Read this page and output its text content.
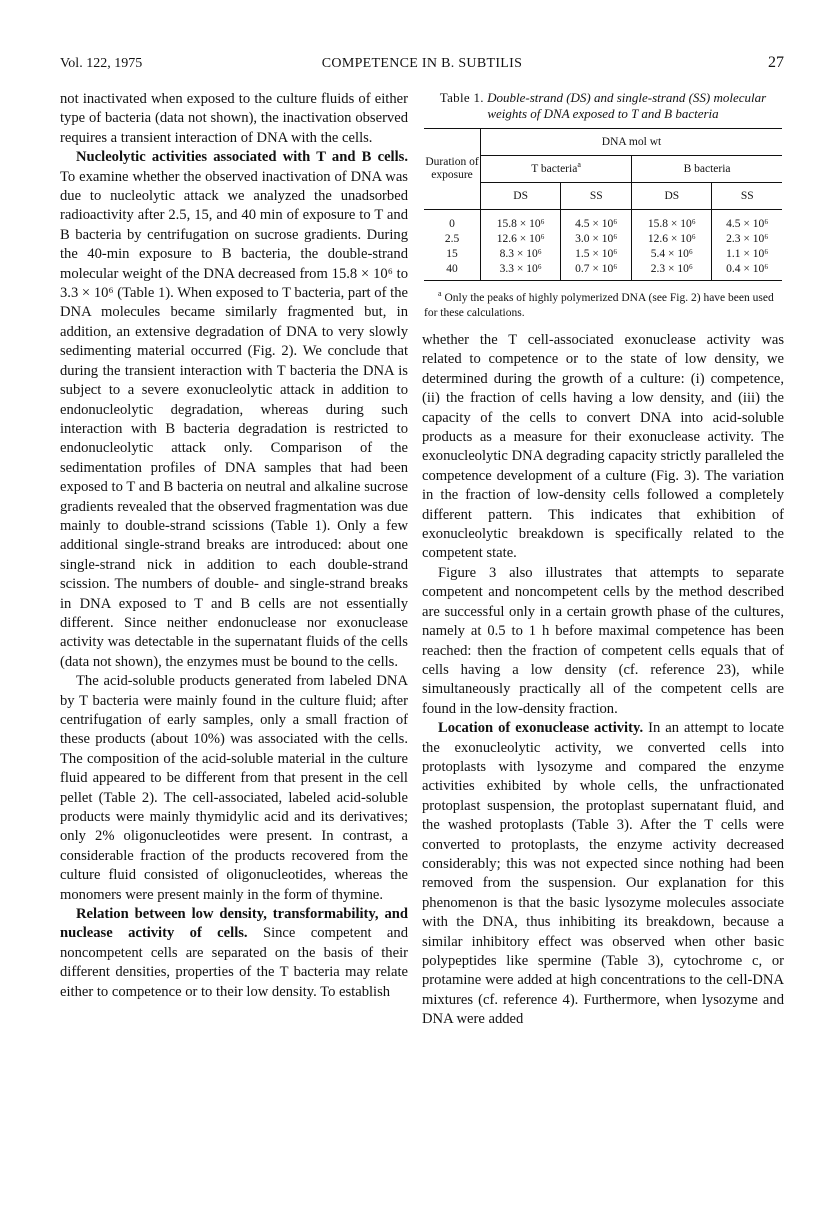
Vol. 122, 1975	COMPETENCE IN B. SUBTILIS	27

not inactivated when exposed to the culture fluids of either type of bacteria (data not shown), the inactivation observed requires a transient interaction of DNA with the cells.

Nucleolytic activities associated with T and B cells. To examine whether the observed inactivation of DNA was due to nucleolytic attack we analyzed the unadsorbed radioactivity after 2.5, 15, and 40 min of exposure to T and B bacteria by centrifugation on sucrose gradients. During the 40-min exposure to B bacteria, the double-strand molecular weight of the DNA decreased from 15.8 × 10⁶ to 3.3 × 10⁶ (Table 1). When exposed to T bacteria, part of the DNA molecules became similarly fragmented but, in addition, an extensive degradation of DNA to very slowly sedimenting material occurred (Fig. 2). We conclude that during the transient interaction with T bacteria the DNA is subject to a severe exonucleolytic attack in addition to endonucleolytic degradation, whereas during such interaction with B bacteria degradation is restricted to endonucleolytic attack only. Comparison of the sedimentation profiles of DNA samples that had been exposed to T and B bacteria on neutral and alkaline sucrose gradients revealed that the observed fragmentation was due mainly to double-strand scissions (Table 1). Only a few additional single-strand breaks are introduced: about one single-strand nick in addition to each double-strand scission. The numbers of double- and single-strand breaks in DNA exposed to T and B cells are not essentially different. Since neither endonuclease nor exonuclease activity was detectable in the supernatant fluids of the cells (data not shown), the enzymes must be bound to the cells.

The acid-soluble products generated from labeled DNA by T bacteria were mainly found in the culture fluid; after centrifugation of early samples, only a small fraction of these products (about 10%) was associated with the cells. The composition of the acid-soluble material in the culture fluid appeared to be different from that present in the cell pellet (Table 2). The cell-associated, labeled acid-soluble products were mainly thymidylic acid and its derivatives; only 2% oligonucleotides were present. In contrast, a considerable fraction of the products recovered from the culture fluid consisted of oligonucleotides, whereas the monomers were present mainly in the form of thymine.

Relation between low density, transformability, and nuclease activity of cells. Since competent and noncompetent cells are separated on the basis of their different densities, properties of the T bacteria may relate either to competence or to their low density. To establish

Table 1. Double-strand (DS) and single-strand (SS) molecular weights of DNA exposed to T and B bacteria
Duration of exposure	DNA mol wt			
	T bacteria$^a$		B bacteria	
	DS	SS	DS	SS
0	15.8 × 10⁶	4.5 × 10⁶	15.8 × 10⁶	4.5 × 10⁶
2.5	12.6 × 10⁶	3.0 × 10⁶	12.6 × 10⁶	2.3 × 10⁶
15	8.3 × 10⁶	1.5 × 10⁶	5.4 × 10⁶	1.1 × 10⁶
40	3.3 × 10⁶	0.7 × 10⁶	2.3 × 10⁶	0.4 × 10⁶
$^a$ Only the peaks of highly polymerized DNA (see Fig. 2) have been used for these calculations.

whether the T cell-associated exonuclease activity was related to competence or to the state of low density, we determined during the growth of a culture: (i) competence, (ii) the fraction of cells having a low density, and (iii) the capacity of the cells to convert DNA into acid-soluble products as a measure for their exonuclease activity. The exonucleolytic DNA degrading capacity strictly paralleled the competence development of a culture (Fig. 3). The variation in the fraction of low-density cells followed a completely different pattern. This indicates that exhibition of exonucleolytic breakdown is specifically related to the competent state.

Figure 3 also illustrates that attempts to separate competent and noncompetent cells by the method described are successful only in a certain growth phase of the cultures, namely at 0.5 to 1 h before maximal competence has been reached: then the fraction of competent cells equals that of cells having a low density (cf. reference 23), while simultaneously practically all of the competent cells are found in the low-density fraction.

Location of exonuclease activity. In an attempt to locate the exonucleolytic activity, we converted cells into protoplasts with lysozyme and compared the enzyme activities exhibited by whole cells, the unfractionated protoplast suspension, the protoplast supernatant fluid, and the washed protoplasts (Table 3). After the T cells were converted to protoplasts, the enzyme activity decreased considerably; this was not expected since nothing had been removed from the suspension. Our explanation for this phenomenon is that the basic lysozyme molecules associate with the DNA, thus inhibiting its breakdown, because a similar inhibitory effect was observed when other basic polypeptides like spermine (Table 3), cytochrome c, or protamine were added at high concentrations to the cell-DNA mixtures (cf. reference 4). Furthermore, when lysozyme and DNA were added
